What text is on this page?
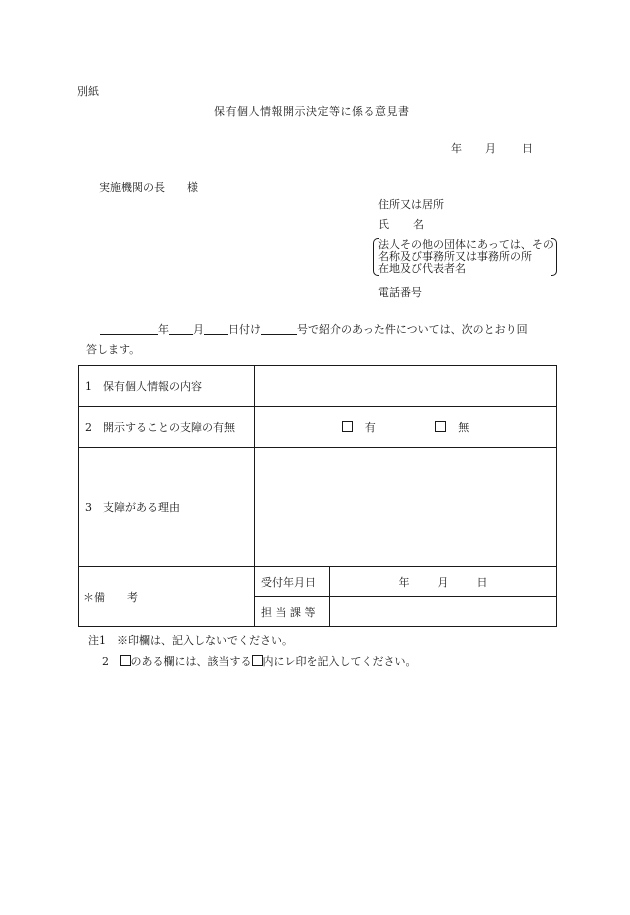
別紙
保有個人情報開示決定等に係る意見書
年 月 日
実施機関の長 様
住所又は居所
氏 名
法人その他の団体にあっては、その
名称及び事務所又は事務所の所
在地及び代表者名
電話番号
年 月 日付け	号で紹介のあった件については、次のとおり回
答します。
1 保有個人情報の内容		
2 開示することの支障の有無	有 無	
3 支障がある理由		
＊備 考	受付年月日	年 月 日
	担 当 課 等	
注1　※印欄は、記入しないでください。
2 のある欄には、該当する 内にレ印を記入してください。
